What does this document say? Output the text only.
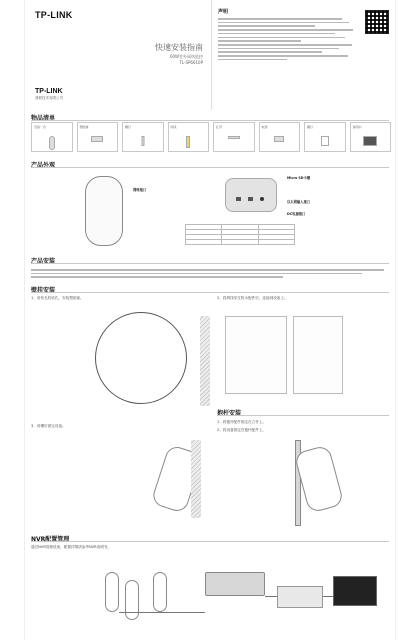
TP-LINK
快速安装指南
60W室外网络监控
TL-SP6610P
TP-LINK
普联技术有限公司
声明
物品清单
设备一台	塑胶塞	螺钉	网线	扎带	电源	螺钉	说明书
产品外观
网络接口
Micro SD卡槽
以太网输入接口
DC电源接口

产品安装
壁挂安装
1、用钻孔机钻孔，安装塑胶塞。	2、将网线穿过防水配件后，连接到设备上。
3、用螺钉固定设备。
抱杆安装
1、将抱杆配件固定在立杆上。
2、将设备固定在抱杆配件上。
NVR配置管理
通过NVR管理设备，配置详情请参考NVR说明书。
